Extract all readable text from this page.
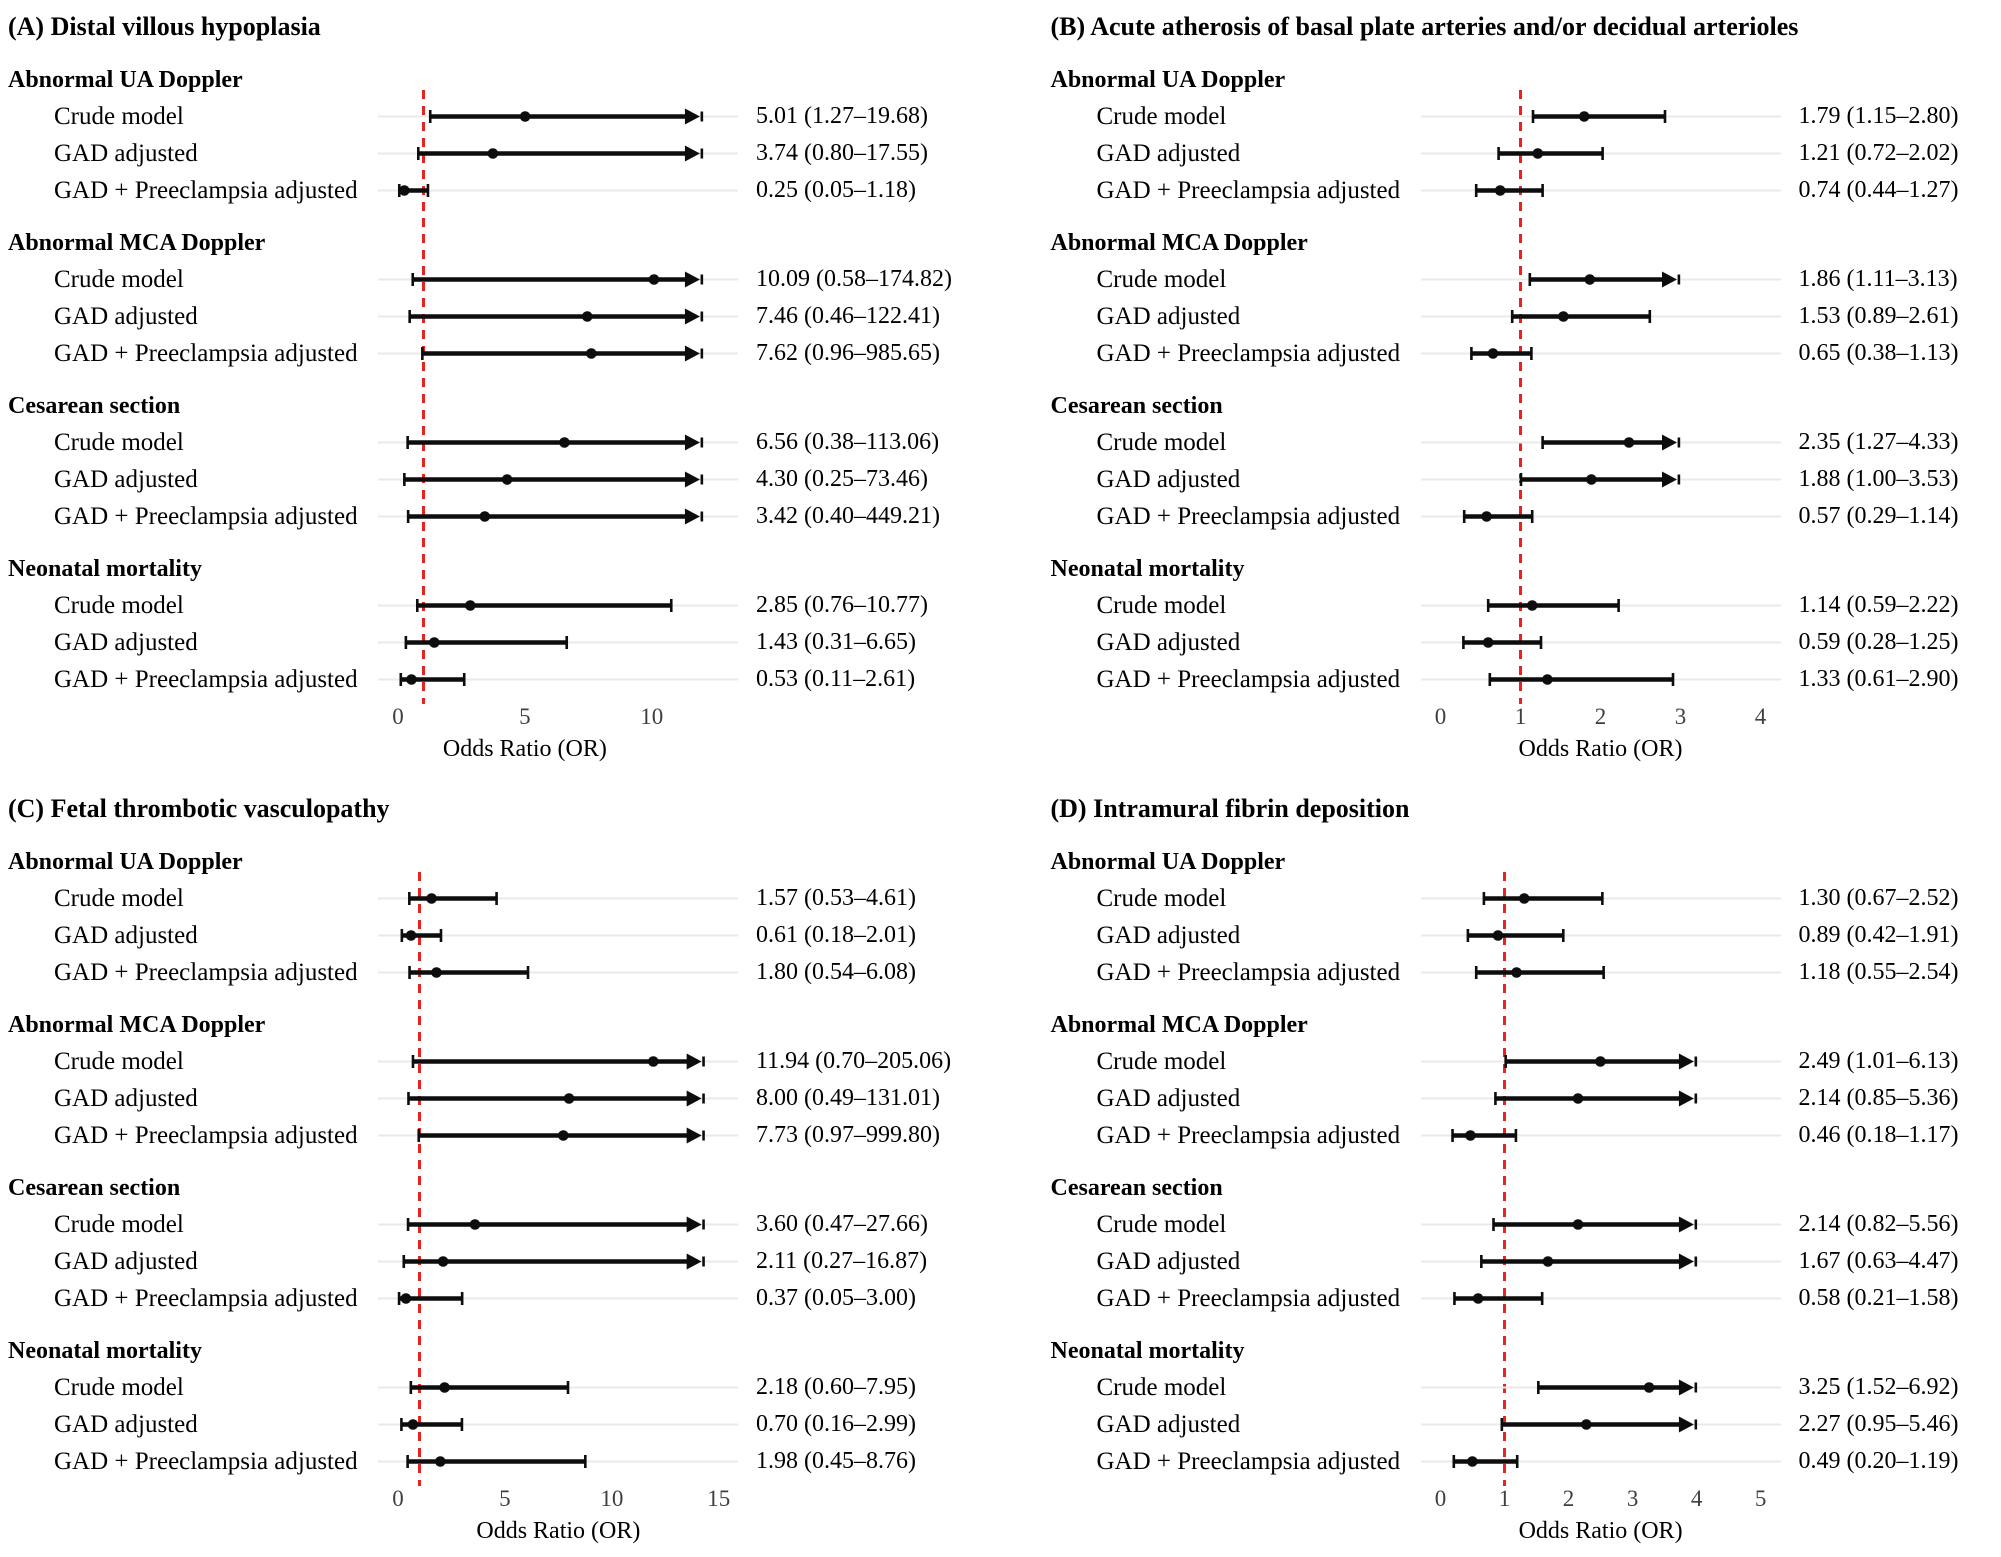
(A) Distal villous hypoplasia
Abnormal UA Doppler
Crude model	5.01 (1.27–19.68)
GAD adjusted	3.74 (0.80–17.55)
GAD + Preeclampsia adjusted	0.25 (0.05–1.18)
Abnormal MCA Doppler
Crude model	10.09 (0.58–174.82)
GAD adjusted	7.46 (0.46–122.41)
GAD + Preeclampsia adjusted	7.62 (0.96–985.65)
Cesarean section
Crude model	6.56 (0.38–113.06)
GAD adjusted	4.30 (0.25–73.46)
GAD + Preeclampsia adjusted	3.42 (0.40–449.21)
Neonatal mortality
Crude model	2.85 (0.76–10.77)
GAD adjusted	1.43 (0.31–6.65)
GAD + Preeclampsia adjusted	0.53 (0.11–2.61)
0	5	10
Odds Ratio (OR)
(B) Acute atherosis of basal plate arteries and/or decidual arterioles
Abnormal UA Doppler
Crude model	1.79 (1.15–2.80)
GAD adjusted	1.21 (0.72–2.02)
GAD + Preeclampsia adjusted	0.74 (0.44–1.27)
Abnormal MCA Doppler
Crude model	1.86 (1.11–3.13)
GAD adjusted	1.53 (0.89–2.61)
GAD + Preeclampsia adjusted	0.65 (0.38–1.13)
Cesarean section
Crude model	2.35 (1.27–4.33)
GAD adjusted	1.88 (1.00–3.53)
GAD + Preeclampsia adjusted	0.57 (0.29–1.14)
Neonatal mortality
Crude model	1.14 (0.59–2.22)
GAD adjusted	0.59 (0.28–1.25)
GAD + Preeclampsia adjusted	1.33 (0.61–2.90)
0	1	2	3	4
Odds Ratio (OR)
(C) Fetal thrombotic vasculopathy
Abnormal UA Doppler
Crude model	1.57 (0.53–4.61)
GAD adjusted	0.61 (0.18–2.01)
GAD + Preeclampsia adjusted	1.80 (0.54–6.08)
Abnormal MCA Doppler
Crude model	11.94 (0.70–205.06)
GAD adjusted	8.00 (0.49–131.01)
GAD + Preeclampsia adjusted	7.73 (0.97–999.80)
Cesarean section
Crude model	3.60 (0.47–27.66)
GAD adjusted	2.11 (0.27–16.87)
GAD + Preeclampsia adjusted	0.37 (0.05–3.00)
Neonatal mortality
Crude model	2.18 (0.60–7.95)
GAD adjusted	0.70 (0.16–2.99)
GAD + Preeclampsia adjusted	1.98 (0.45–8.76)
0	5	10	15
Odds Ratio (OR)
(D) Intramural fibrin deposition
Abnormal UA Doppler
Crude model	1.30 (0.67–2.52)
GAD adjusted	0.89 (0.42–1.91)
GAD + Preeclampsia adjusted	1.18 (0.55–2.54)
Abnormal MCA Doppler
Crude model	2.49 (1.01–6.13)
GAD adjusted	2.14 (0.85–5.36)
GAD + Preeclampsia adjusted	0.46 (0.18–1.17)
Cesarean section
Crude model	2.14 (0.82–5.56)
GAD adjusted	1.67 (0.63–4.47)
GAD + Preeclampsia adjusted	0.58 (0.21–1.58)
Neonatal mortality
Crude model	3.25 (1.52–6.92)
GAD adjusted	2.27 (0.95–5.46)
GAD + Preeclampsia adjusted	0.49 (0.20–1.19)
0 1 2 3 4 5
Odds Ratio (OR)
